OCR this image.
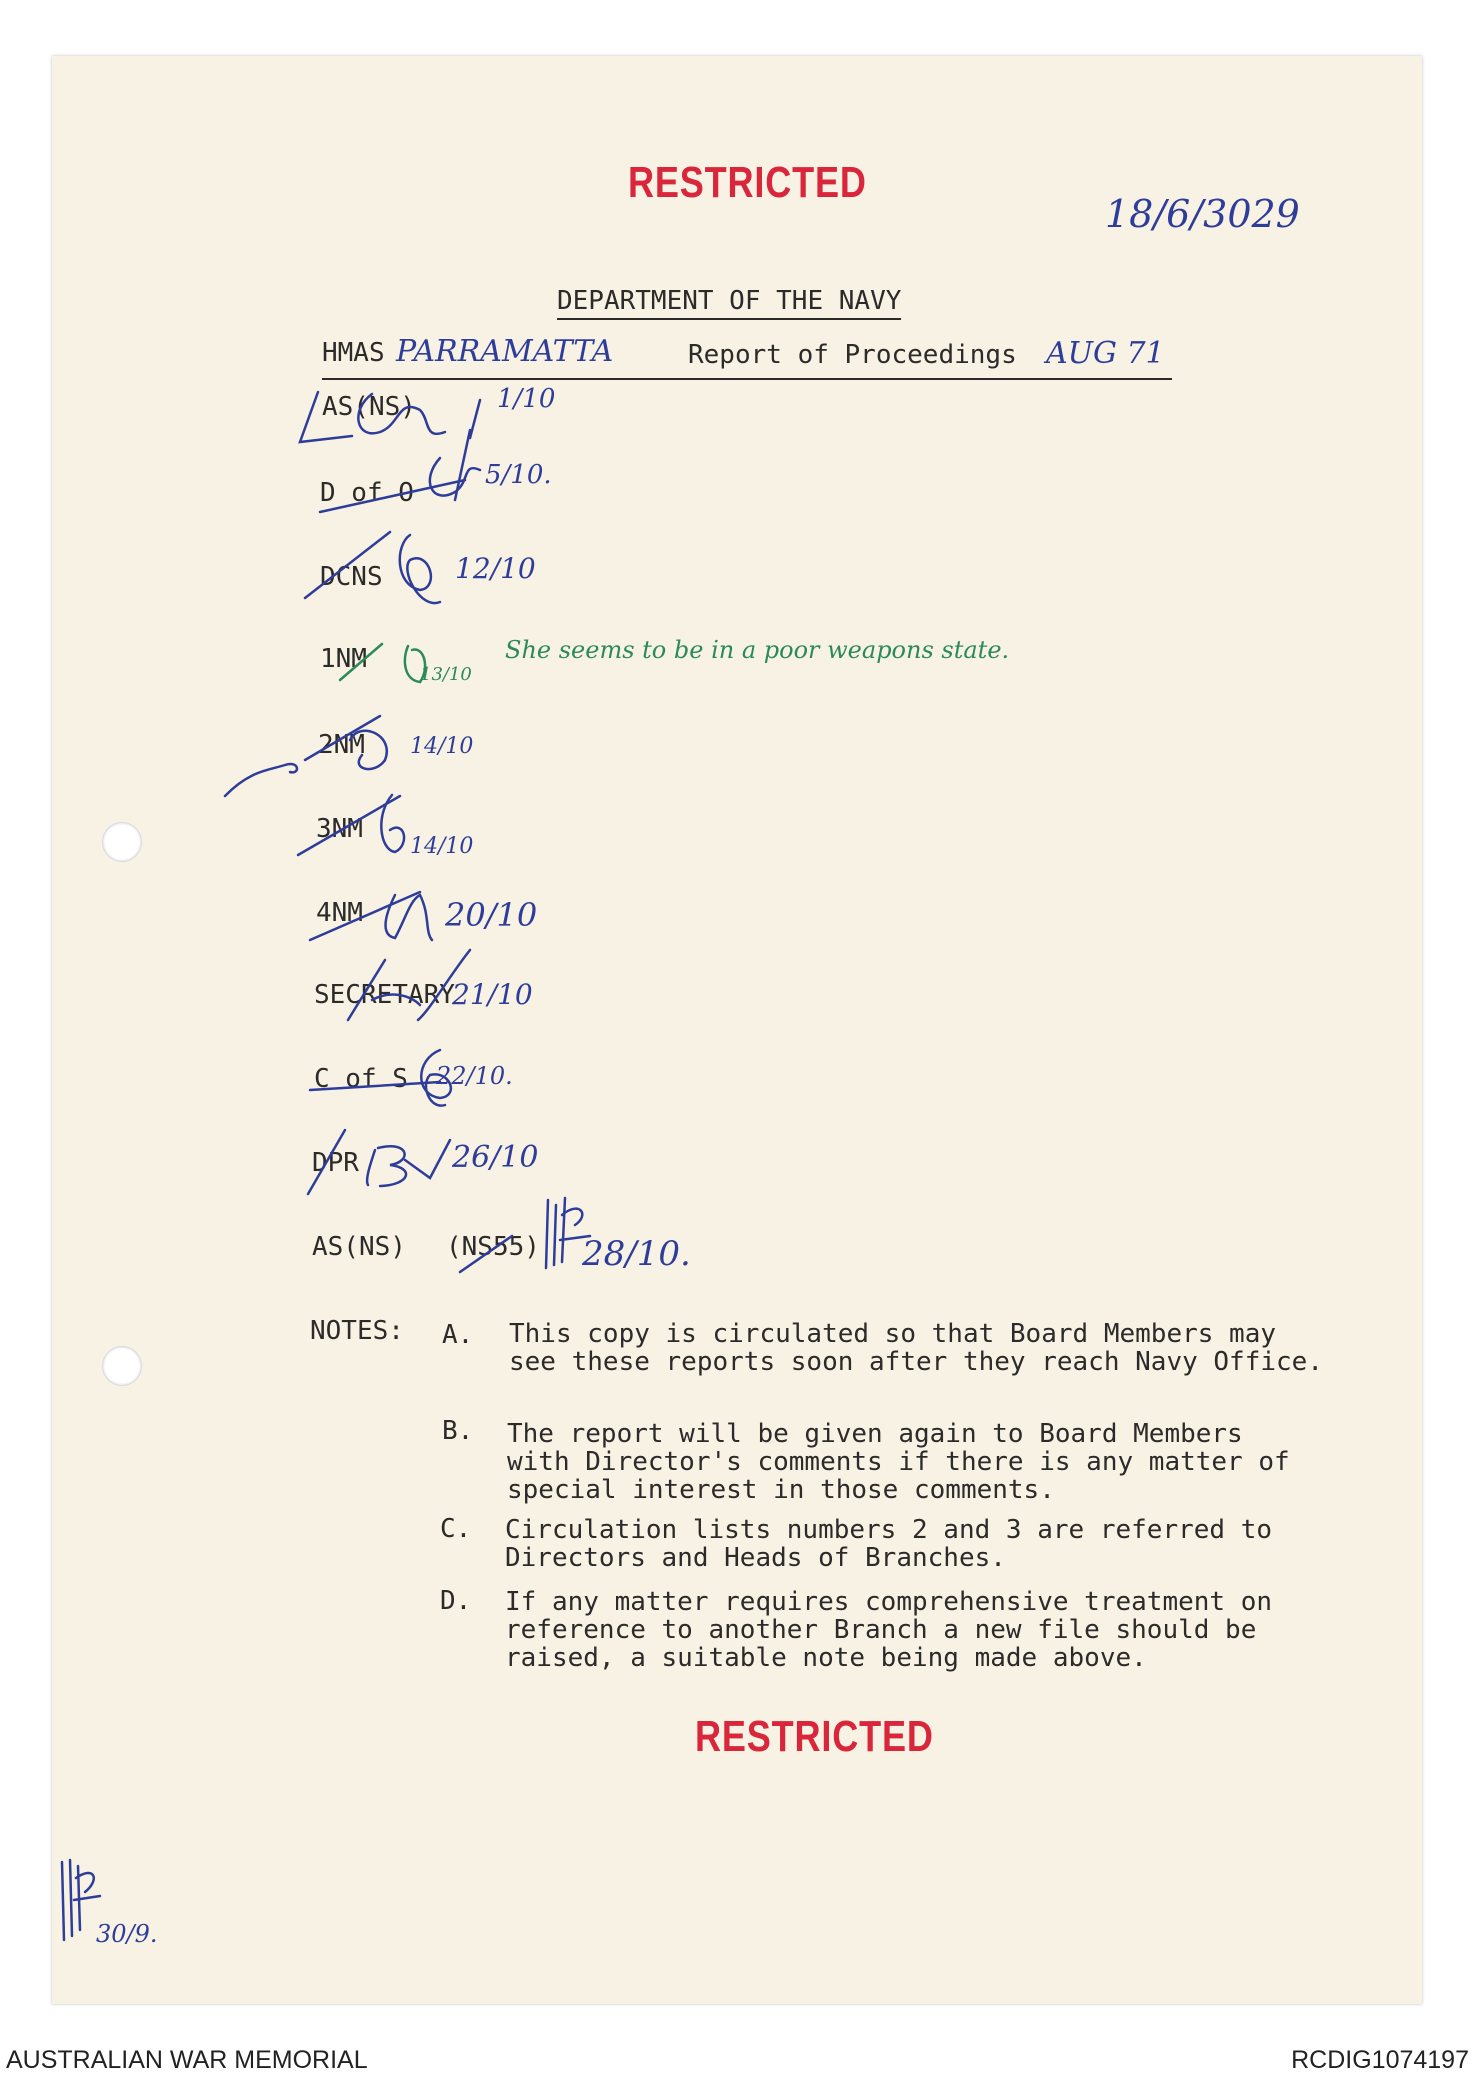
RESTRICTED
RESTRICTED
18/6/3029
DEPARTMENT OF THE NAVY
HMAS PARRAMATTA	Report of Proceedings AUG 71
AS(NS)
D of O
DCNS
1NM
2NM
3NM
4NM
SECRETARY
C of S
DPR
AS(NS) (NS55)
1/10
5/10.
12/10
13/10
She seems to be in a poor weapons state.
14/10
14/10
20/10
21/10
22/10.
26/10
28/10.
30/9.
NOTES: A. This copy is circulated so that Board Members may see these reports soon after they reach Navy Office.
B. The report will be given again to Board Members with Director's comments if there is any matter of special interest in those comments.
C. Circulation lists numbers 2 and 3 are referred to Directors and Heads of Branches.
D. If any matter requires comprehensive treatment on reference to another Branch a new file should be raised, a suitable note being made above.
AUSTRALIAN WAR MEMORIAL	RCDIG1074197
